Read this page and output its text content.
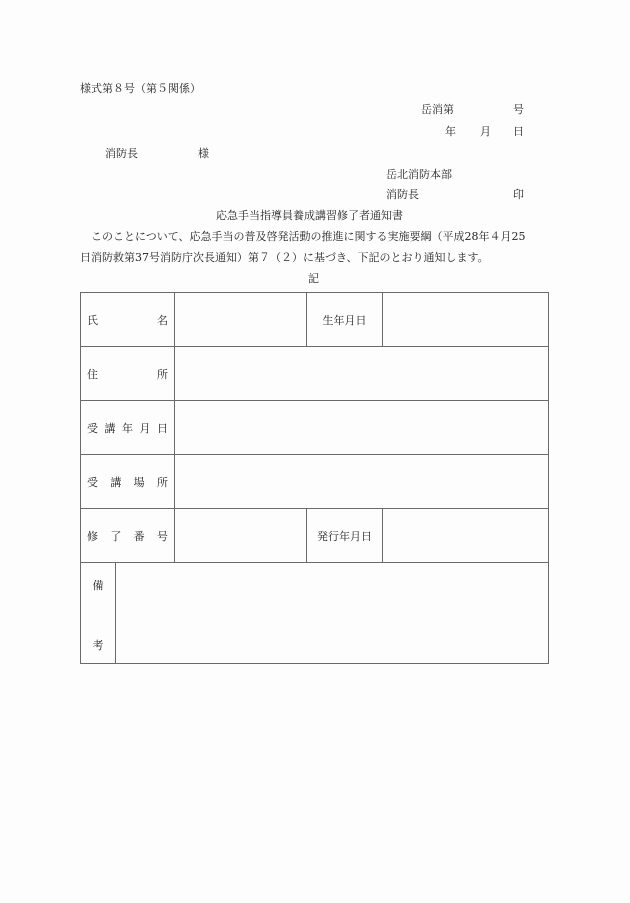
様式第８号（第５関係）
岳消第	号
年 月 日
消防長	様
岳北消防本部
消防長	印
応急手当指導員養成講習修了者通知書
　このことについて、応急手当の普及啓発活動の推進に関する実施要綱（平成28年４月25
日消防救第37号消防庁次長通知）第７（２）に基づき、下記のとおり通知します。
記
氏 名			生年月日	

住 所				

受 講 年 月 日				

受 講 場 所				

修 了 番 号			発行年月日	

備
考				
